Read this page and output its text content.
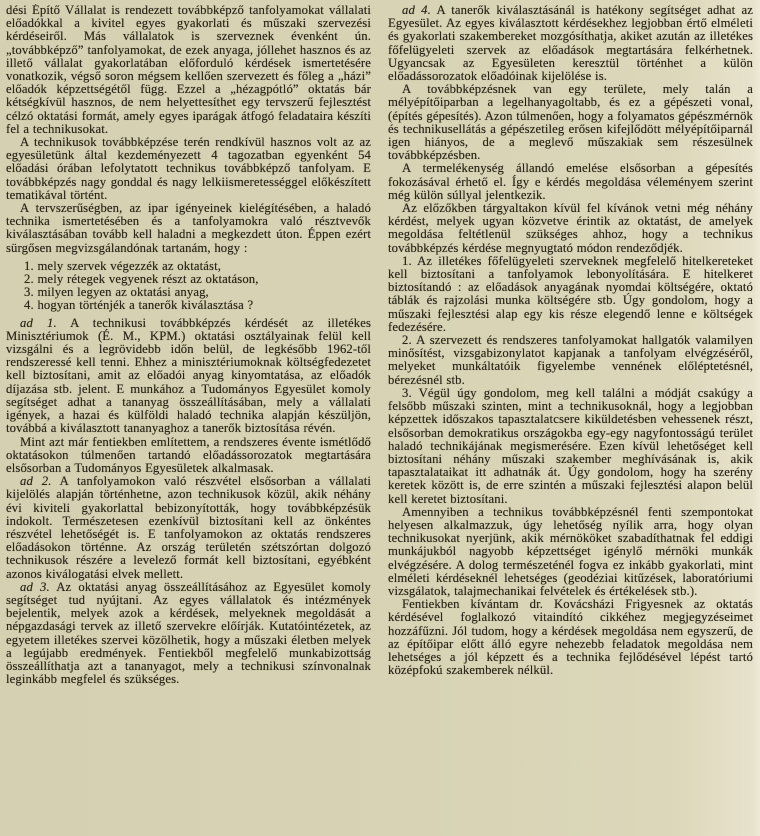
dési Építő Vállalat is rendezett továbbképző tanfolyamokat vállalati előadókkal a kivitel egyes gyakorlati és műszaki szervezési kérdéseiről. Más vállalatok is szerveznek évenként ún. „továbbképző” tanfolyamokat, de ezek anyaga, jóllehet hasznos és az illető vállalat gyakorlatában előforduló kérdések ismertetésére vonatkozik, végső soron mégsem kellően szervezett és főleg a „házi” előadók képzettségétől függ. Ezzel a „hézagpótló” oktatás bár kétségkívül hasznos, de nem helyettesíthet egy tervszerű fejlesztést célzó oktatási formát, amely egyes iparágak átfogó feladataira készíti fel a technikusokat.

A technikusok továbbképzése terén rendkívül hasznos volt az az egyesületünk által kezdeményezett 4 tagozatban egyenként 54 előadási órában lefolytatott technikus továbbképző tanfolyam. E továbbképzés nagy gonddal és nagy lelkiismeretességgel előkészített tematikával történt.

A tervszerűségben, az ipar igényeinek kielégítésében, a haladó technika ismertetésében és a tanfolyamokra való résztvevők kiválasztásában tovább kell haladni a megkezdett úton. Éppen ezért sürgősen megvizsgálandónak tartanám, hogy :

1. mely szervek végezzék az oktatást,
2. mely rétegek vegyenek részt az oktatáson,
3. milyen legyen az oktatási anyag,
4. hogyan történjék a tanerők kiválasztása ?

ad 1. A technikusi továbbképzés kérdését az illetékes Minisztériumok (É. M., KPM.) oktatási osztályainak felül kell vizsgálni és a legrövidebb időn belül, de legkésőbb 1962-től rendszeressé kell tenni. Ehhez a minisztériumoknak költségfedezetet kell biztosítani, amit az előadói anyag kinyomtatása, az előadók díjazása stb. jelent. E munkához a Tudományos Egyesület komoly segítséget adhat a tananyag összeállításában, mely a vállalati igények, a hazai és külföldi haladó technika alapján készüljön, továbbá a kiválasztott tananyaghoz a tanerők biztosítása révén.

Mint azt már fentiekben említettem, a rendszeres évente ismétlődő oktatásokon túlmenően tartandó előadássorozatok megtartására elsősorban a Tudományos Egyesületek alkalmasak.

ad 2. A tanfolyamokon való részvétel elsősorban a vállalati kijelölés alapján történhetne, azon technikusok közül, akik néhány évi kiviteli gyakorlattal bebizonyították, hogy továbbképzésük indokolt. Természetesen ezenkívül biztosítani kell az önkéntes részvétel lehetőségét is. E tanfolyamokon az oktatás rendszeres előadásokon történne. Az ország területén szétszórtan dolgozó technikusok részére a levelező formát kell biztosítani, egyébként azonos kiválogatási elvek mellett.

ad 3. Az oktatási anyag összeállításához az Egyesület komoly segítséget tud nyújtani. Az egyes vállalatok és intézmények bejelentik, melyek azok a kérdések, melyeknek megoldását a népgazdasági tervek az illető szervekre előírják. Kutatóintézetek, az egyetem illetékes szervei közölhetik, hogy a műszaki életben melyek a legújabb eredmények. Fentiekből megfelelő munkabizottság összeállíthatja azt a tananyagot, mely a technikusi színvonalnak leginkább megfelel és szükséges.

ad 4. A tanerők kiválasztásánál is hatékony segítséget adhat az Egyesület. Az egyes kiválasztott kérdésekhez legjobban értő elméleti és gyakorlati szakembereket mozgósíthatja, akiket azután az illetékes főfelügyeleti szervek az előadások megtartására felkérhetnek. Ugyancsak az Egyesületen keresztül történhet a külön előadássorozatok előadóinak kijelölése is.

A továbbképzésnek van egy területe, mely talán a mélyépítőiparban a legelhanyagoltabb, és ez a gépészeti vonal, (építés gépesítés). Azon túlmenően, hogy a folyamatos gépészmérnök és technikusellátás a gépészetileg erősen kifejlődött mélyépítőiparnál igen hiányos, de a meglevő műszakiak sem részesülnek továbbképzésben.

A termelékenység állandó emelése elsősorban a gépesítés fokozásával érhető el. Így e kérdés megoldása véleményem szerint még külön súllyal jelentkezik.

Az előzőkben tárgyaltakon kívül fel kívánok vetni még néhány kérdést, melyek ugyan közvetve érintik az oktatást, de amelyek megoldása feltétlenül szükséges ahhoz, hogy a technikus továbbképzés kérdése megnyugtató módon rendeződjék.

1. Az illetékes főfelügyeleti szerveknek megfelelő hitelkereteket kell biztosítani a tanfolyamok lebonyolítására. E hitelkeret biztosítandó : az előadások anyagának nyomdai költségére, oktató táblák és rajzolási munka költségére stb. Úgy gondolom, hogy a műszaki fejlesztési alap egy kis része elegendő lenne e költségek fedezésére.

2. A szervezett és rendszeres tanfolyamokat hallgatók valamilyen minősítést, vizsgabizonylatot kapjanak a tanfolyam elvégzéséről, melyeket munkáltatóik figyelembe vennének előléptetésnél, bérezésnél stb.

3. Végül úgy gondolom, meg kell találni a módját csakúgy a felsőbb műszaki szinten, mint a technikusoknál, hogy a legjobban képzettek időszakos tapasztalatcsere kiküldetésben vehessenek részt, elsősorban demokratikus országokba egy-egy nagyfontosságú terület haladó technikájának megismerésére. Ezen kívül lehetőséget kell biztosítani néhány műszaki szakember meghívásának is, akik tapasztalataikat itt adhatnák át. Úgy gondolom, hogy ha szerény keretek között is, de erre szintén a műszaki fejlesztési alapon belül kell keretet biztosítani.

Amennyiben a technikus továbbképzésnél fenti szempontokat helyesen alkalmazzuk, úgy lehetőség nyílik arra, hogy olyan technikusokat nyerjünk, akik mérnököket szabadíthatnak fel eddigi munkájukból nagyobb képzettséget igénylő mérnöki munkák elvégzésére. A dolog természeténél fogva ez inkább gyakorlati, mint elméleti kérdéseknél lehetséges (geodéziai kitűzések, laboratóriumi vizsgálatok, talajmechanikai felvételek és értékelések stb.).

Fentiekben kívántam dr. Kovácsházi Frigyesnek az oktatás kérdésével foglalkozó vitaindító cikkéhez megjegyzéseimet hozzáfűzni. Jól tudom, hogy a kérdések megoldása nem egyszerű, de az építőipar előtt álló egyre nehezebb feladatok megoldása nem lehetséges a jól képzett és a technika fejlődésével lépést tartó középfokú szakemberek nélkül.
